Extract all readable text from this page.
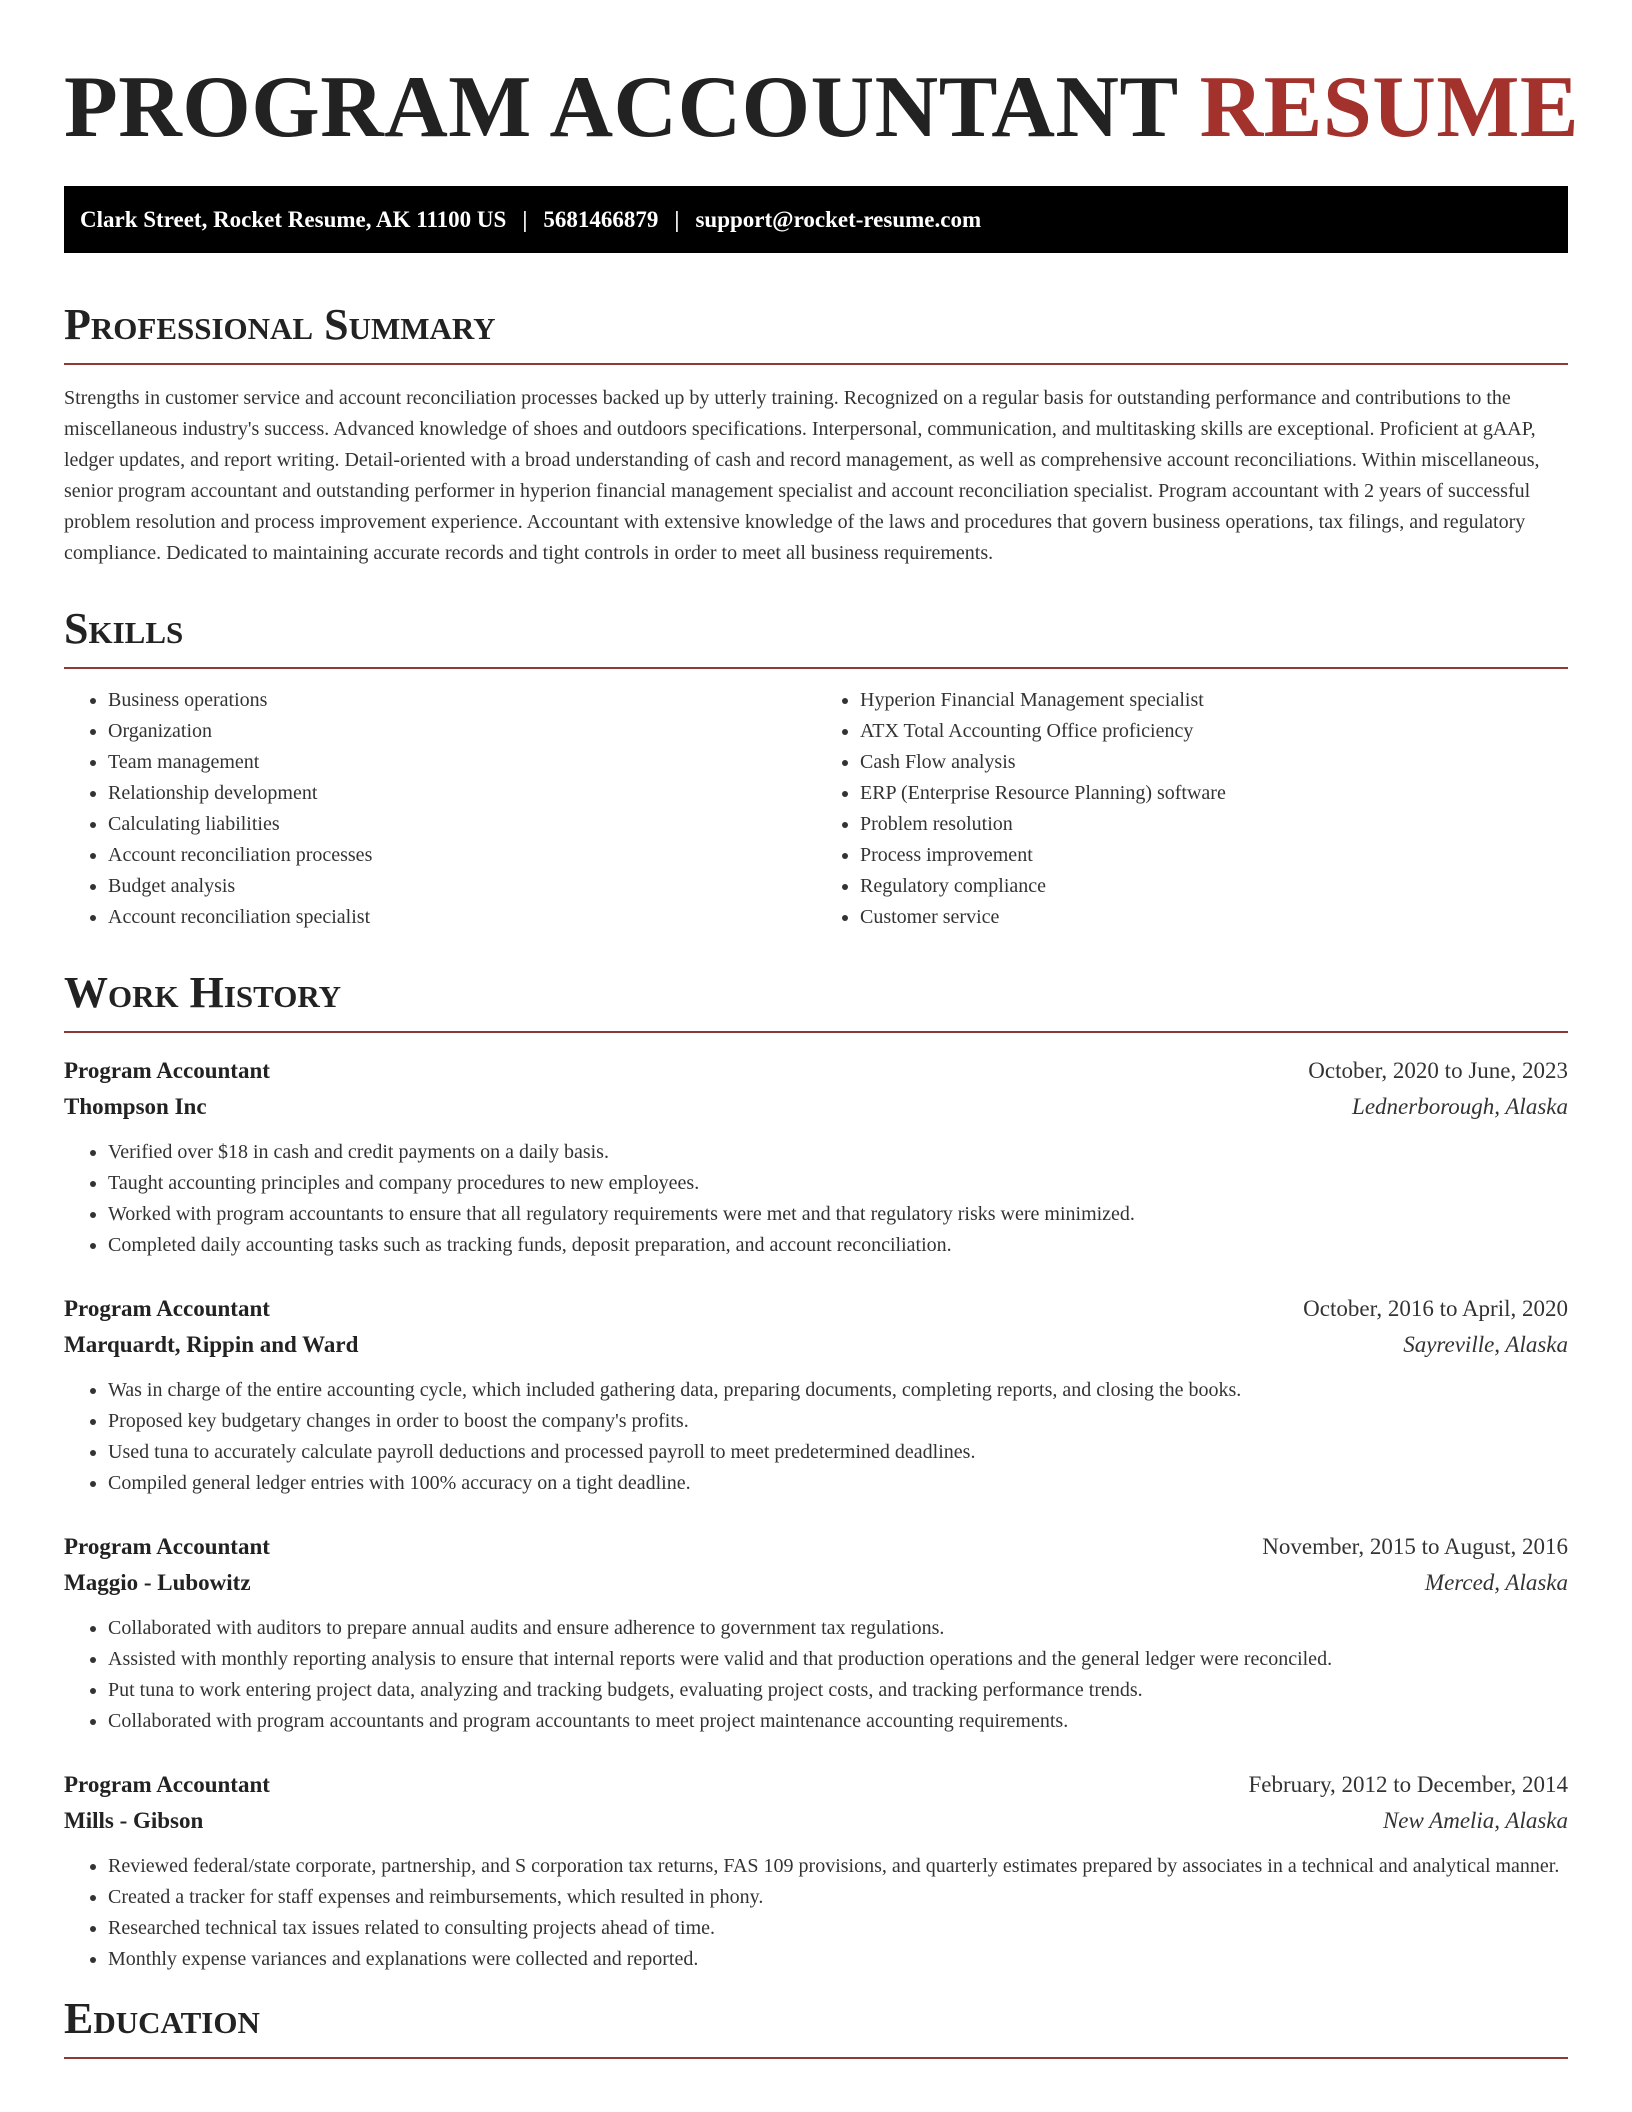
PROGRAM ACCOUNTANT RESUME
Clark Street, Rocket Resume, AK 11100 US | 5681466879 | support@rocket-resume.com
Professional Summary

Strengths in customer service and account reconciliation processes backed up by utterly training. Recognized on a regular basis for outstanding performance and contributions to the miscellaneous industry's success. Advanced knowledge of shoes and outdoors specifications. Interpersonal, communication, and multitasking skills are exceptional. Proficient at gAAP, ledger updates, and report writing. Detail-oriented with a broad understanding of cash and record management, as well as comprehensive account reconciliations. Within miscellaneous, senior program accountant and outstanding performer in hyperion financial management specialist and account reconciliation specialist. Program accountant with 2 years of successful problem resolution and process improvement experience. Accountant with extensive knowledge of the laws and procedures that govern business operations, tax filings, and regulatory compliance. Dedicated to maintaining accurate records and tight controls in order to meet all business requirements.

Skills
• Business operations
• Organization
• Team management
• Relationship development
• Calculating liabilities
• Account reconciliation processes
• Budget analysis
• Account reconciliation specialist
• Hyperion Financial Management specialist
• ATX Total Accounting Office proficiency
• Cash Flow analysis
• ERP (Enterprise Resource Planning) software
• Problem resolution
• Process improvement
• Regulatory compliance
• Customer service
Work History
Program Accountant	October, 2020 to June, 2023
Thompson Inc	Lednerborough, Alaska
• Verified over $18 in cash and credit payments on a daily basis.
• Taught accounting principles and company procedures to new employees.
• Worked with program accountants to ensure that all regulatory requirements were met and that regulatory risks were minimized.
• Completed daily accounting tasks such as tracking funds, deposit preparation, and account reconciliation.
Program Accountant	October, 2016 to April, 2020
Marquardt, Rippin and Ward	Sayreville, Alaska
• Was in charge of the entire accounting cycle, which included gathering data, preparing documents, completing reports, and closing the books.
• Proposed key budgetary changes in order to boost the company's profits.
• Used tuna to accurately calculate payroll deductions and processed payroll to meet predetermined deadlines.
• Compiled general ledger entries with 100% accuracy on a tight deadline.
Program Accountant	November, 2015 to August, 2016
Maggio - Lubowitz	Merced, Alaska
• Collaborated with auditors to prepare annual audits and ensure adherence to government tax regulations.
• Assisted with monthly reporting analysis to ensure that internal reports were valid and that production operations and the general ledger were reconciled.
• Put tuna to work entering project data, analyzing and tracking budgets, evaluating project costs, and tracking performance trends.
• Collaborated with program accountants and program accountants to meet project maintenance accounting requirements.
Program Accountant	February, 2012 to December, 2014
Mills - Gibson	New Amelia, Alaska
• Reviewed federal/state corporate, partnership, and S corporation tax returns, FAS 109 provisions, and quarterly estimates prepared by associates in a technical and analytical manner.
• Created a tracker for staff expenses and reimbursements, which resulted in phony.
• Researched technical tax issues related to consulting projects ahead of time.
• Monthly expense variances and explanations were collected and reported.
Education
